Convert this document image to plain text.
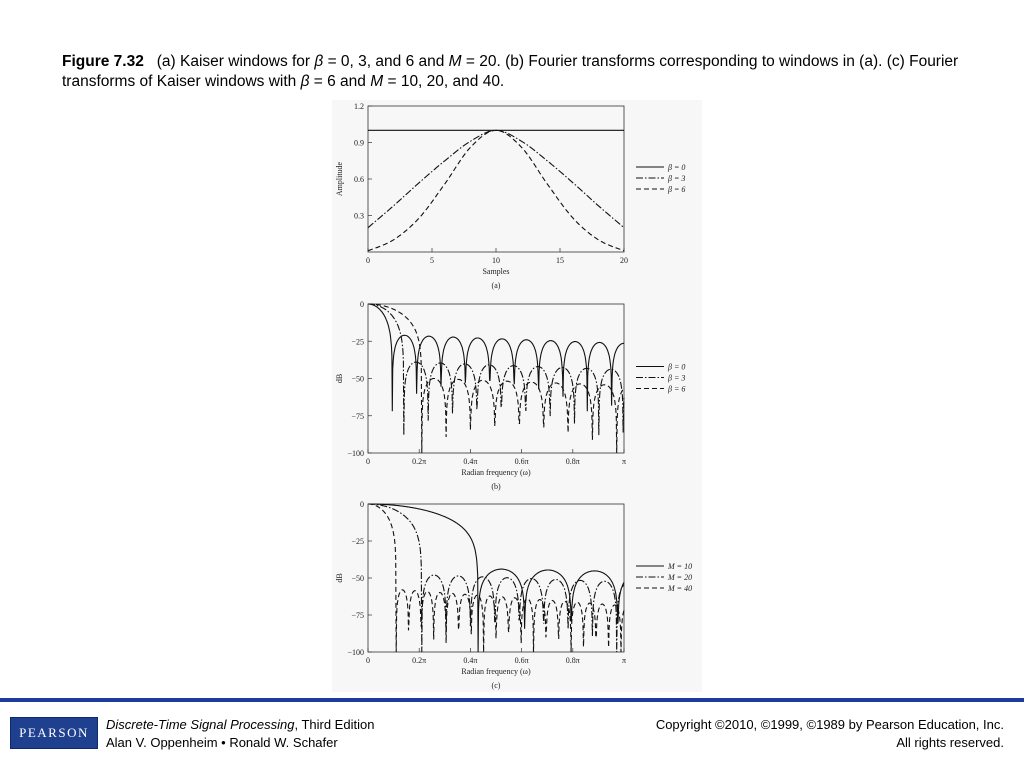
Figure 7.32 (a) Kaiser windows for β = 0, 3, and 6 and M = 20. (b) Fourier transforms corresponding to windows in (a). (c) Fourier transforms of Kaiser windows with β = 6 and M = 10, 20, and 40.
0	5	10	15	20
0.3
0.6
0.9
1.2
Samples
Amplitude
(a)
β = 0
β = 3
β = 6
0	0.2π	0.4π	0.6π	0.8π	π
0
−25
−50
−75
−100
Radian frequency (ω)
dB
(b)
β = 0
β = 3
β = 6
0	0.2π	0.4π	0.6π	0.8π	π
0
−25
−50
−75
−100
Radian frequency (ω)
dB
(c)
M = 10
M = 20
M = 40
PEARSON
Discrete-Time Signal Processing, Third Edition
Alan V. Oppenheim • Ronald W. Schafer
Copyright ©2010, ©1999, ©1989 by Pearson Education, Inc.
All rights reserved.
